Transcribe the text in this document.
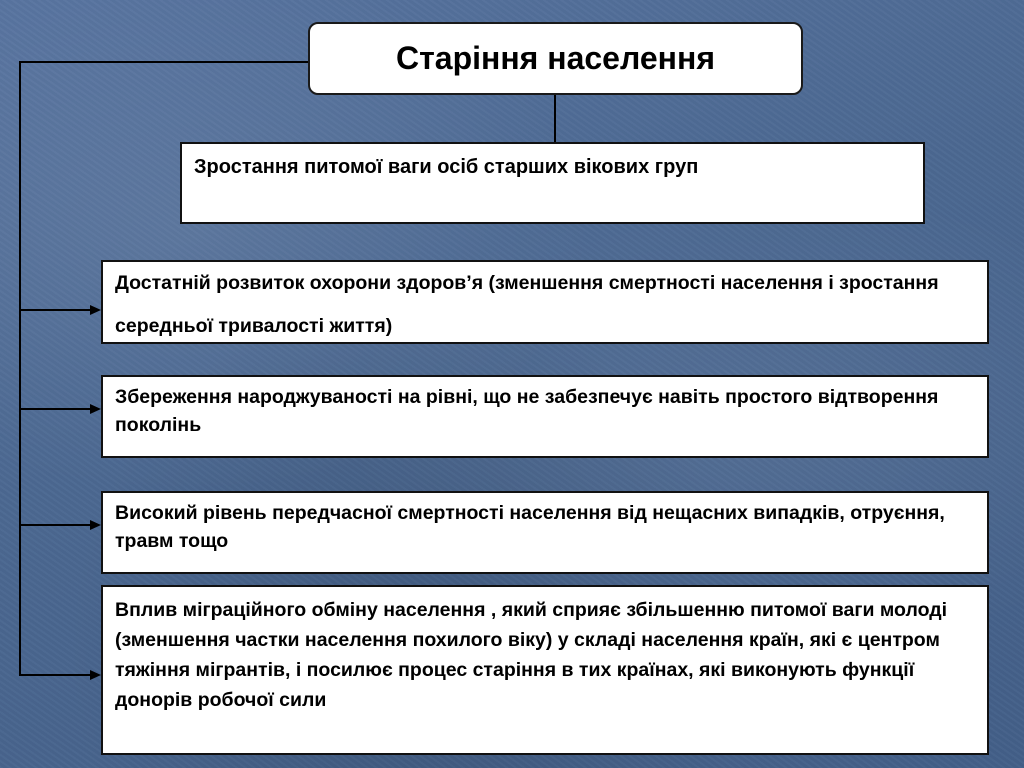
Старіння населення
Зростання питомої ваги осіб старших вікових груп
Достатній розвиток охорони здоров’я (зменшення смертності населення і зростання середньої тривалості життя)
Збереження народжуваності на рівні, що не забезпечує навіть простого відтворення поколінь
Високий рівень передчасної смертності населення від нещасних випадків, отруєння, травм тощо
Вплив міграційного обміну населення , який сприяє збільшенню питомої ваги молоді (зменшення частки населення похилого віку) у складі населення країн, які є центром тяжіння мігрантів, і посилює процес старіння в тих країнах, які виконують функції донорів робочої сили
